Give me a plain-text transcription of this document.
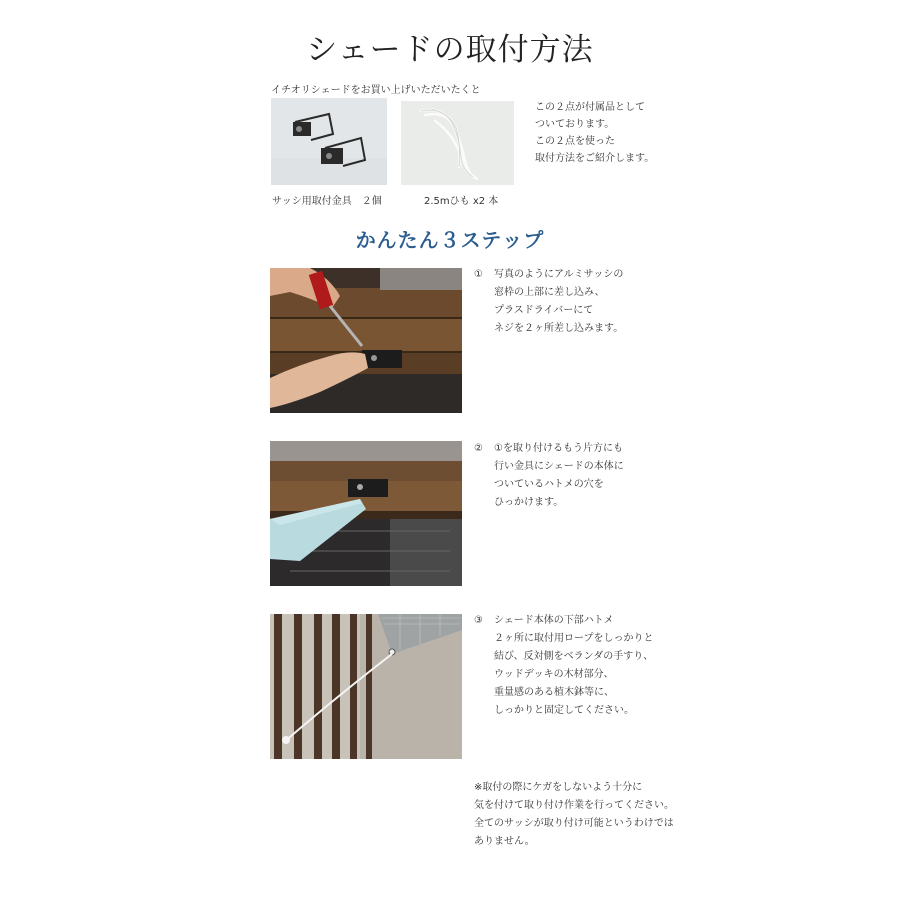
シェードの取付方法
イチオリシェードをお買い上げいただいたくと
サッシ用取付金具　２個	2.5mひも x2 本
この２点が付属品として
ついております。
この２点を使った
取付方法をご紹介します。
かんたん３ステップ
① 写真のようにアルミサッシの
窓枠の上部に差し込み、
プラスドライバーにて
ネジを２ヶ所差し込みます。
② ①を取り付けるもう片方にも
行い金具にシェードの本体に
ついているハトメの穴を
ひっかけます。
③ シェード本体の下部ハトメ
２ヶ所に取付用ロープをしっかりと
結び、反対側をベランダの手すり、
ウッドデッキの木材部分、
重量感のある植木鉢等に、
しっかりと固定してください。
※取付の際にケガをしないよう十分に
気を付けて取り付け作業を行ってください。
全てのサッシが取り付け可能というわけでは
ありません。
